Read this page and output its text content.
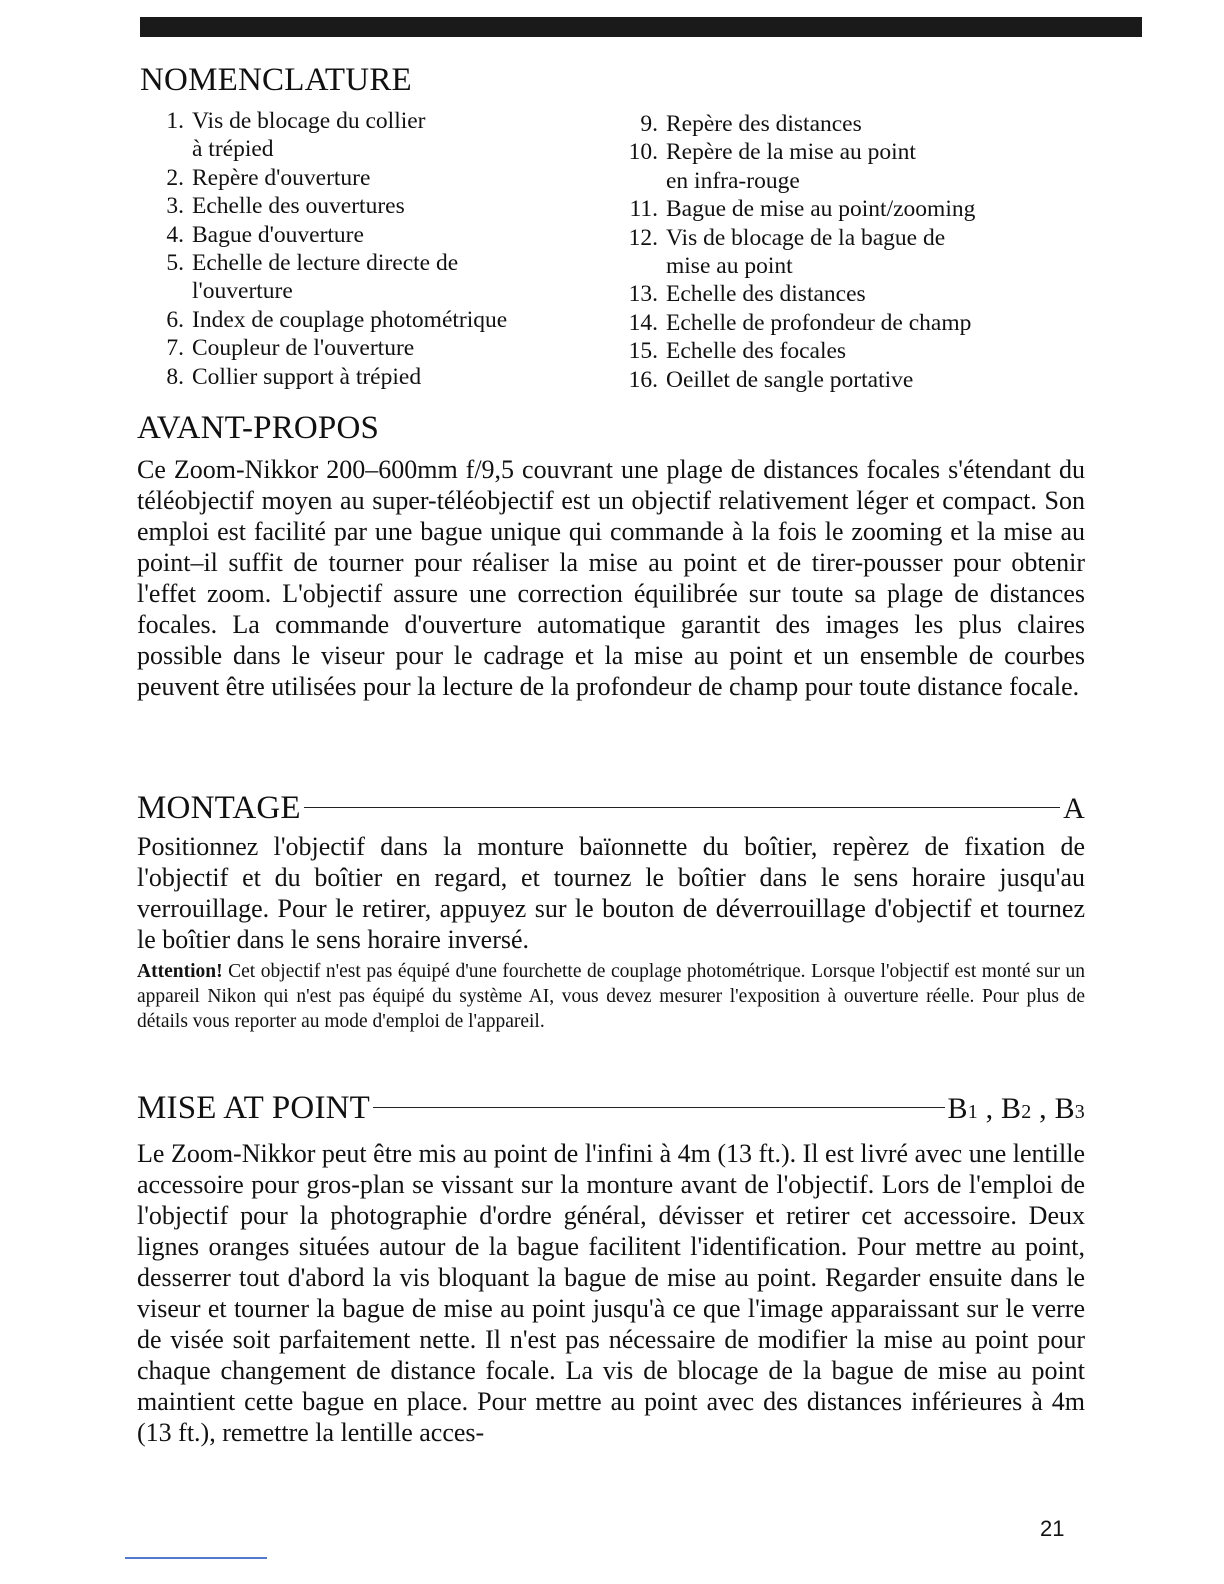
NOMENCLATURE
1. Vis de blocage du collier
à trépied
2. Repère d'ouverture
3. Echelle des ouvertures
4. Bague d'ouverture
5. Echelle de lecture directe de
l'ouverture
6. Index de couplage photométrique
7. Coupleur de l'ouverture
8. Collier support à trépied
9. Repère des distances
10. Repère de la mise au point
en infra-rouge
11. Bague de mise au point/zooming
12. Vis de blocage de la bague de
mise au point
13. Echelle des distances
14. Echelle de profondeur de champ
15. Echelle des focales
16. Oeillet de sangle portative
AVANT-PROPOS

Ce Zoom-Nikkor 200–600mm f/9,5 couvrant une plage de distances focales s'étendant du téléobjectif moyen au super-téléobjectif est un objectif relativement léger et compact. Son emploi est facilité par une bague unique qui commande à la fois le zooming et la mise au point–il suffit de tourner pour réaliser la mise au point et de tirer-pousser pour obtenir l'effet zoom. L'objectif assure une correction équilibrée sur toute sa plage de distances focales. La commande d'ouverture automatique garantit des images les plus claires possible dans le viseur pour le cadrage et la mise au point et un ensemble de courbes peuvent être utilisées pour la lecture de la profondeur de champ pour toute distance focale.

MONTAGE	A

Positionnez l'objectif dans la monture baïonnette du boîtier, repèrez de fixation de l'objectif et du boîtier en regard, et tournez le boîtier dans le sens horaire jusqu'au verrouillage. Pour le retirer, appuyez sur le bouton de déverrouillage d'objectif et tournez le boîtier dans le sens horaire inversé.

Attention! Cet objectif n'est pas équipé d'une fourchette de couplage photométrique. Lorsque l'objectif est monté sur un appareil Nikon qui n'est pas équipé du système AI, vous devez mesurer l'exposition à ouverture réelle. Pour plus de détails vous reporter au mode d'emploi de l'appareil.

MISE AT POINT	B1 , B2 , B3

Le Zoom-Nikkor peut être mis au point de l'infini à 4m (13 ft.). Il est livré avec une lentille accessoire pour gros-plan se vissant sur la monture avant de l'objectif. Lors de l'emploi de l'objectif pour la photographie d'ordre général, dévisser et retirer cet accessoire. Deux lignes oranges situées autour de la bague facilitent l'identification. Pour mettre au point, desserrer tout d'abord la vis bloquant la bague de mise au point. Regarder ensuite dans le viseur et tourner la bague de mise au point jusqu'à ce que l'image apparaissant sur le verre de visée soit parfaitement nette. Il n'est pas nécessaire de modifier la mise au point pour chaque changement de distance focale. La vis de blocage de la bague de mise au point maintient cette bague en place. Pour mettre au point avec des distances inférieures à 4m (13 ft.), remettre la lentille acces-

21
